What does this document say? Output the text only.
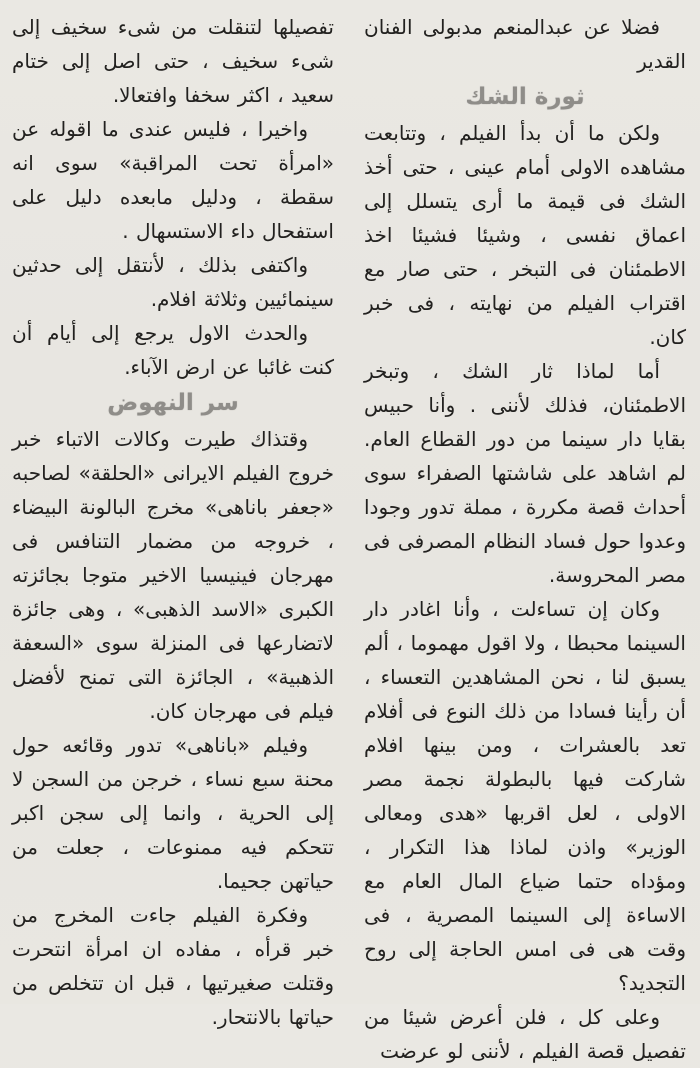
فضلا عن عبدالمنعم مدبولى الفنان القدير

ثورة الشك

ولكن ما أن بدأ الفيلم ، وتتابعت مشاهده الاولى أمام عينى ، حتى أخذ الشك فى قيمة ما أرى يتسلل إلى اعماق نفسى ، وشيئا فشيئا اخذ الاطمئنان فى التبخر ، حتى صار مع اقتراب الفيلم من نهايته ، فى خبر كان.

أما لماذا ثار الشك ، وتبخر الاطمئنان، فذلك لأننى . وأنا حبيس بقايا دار سينما من دور القطاع العام. لم اشاهد على شاشتها الصفراء سوى أحداث قصة مكررة ، مملة تدور وجودا وعدوا حول فساد النظام المصرفى فى مصر المحروسة.

وكان إن تساءلت ، وأنا اغادر دار السينما محبطا ، ولا اقول مهموما ، ألم يسبق لنا ، نحن المشاهدين التعساء ، أن رأينا فسادا من ذلك النوع فى أفلام تعد بالعشرات ، ومن بينها افلام شاركت فيها بالبطولة نجمة مصر الاولى ، لعل اقربها «هدى ومعالى الوزير» واذن لماذا هذا التكرار ، ومؤداه حتما ضياع المال العام مع الاساءة إلى السينما المصرية ، فى وقت هى فى امس الحاجة إلى روح التجديد؟

وعلى كل ، فلن أعرض شيئا من تفصيل قصة الفيلم ، لأننى لو عرضت

تفصيلها لتنقلت من شىء سخيف إلى شىء سخيف ، حتى اصل إلى ختام سعيد ، اكثر سخفا وافتعالا.

واخيرا ، فليس عندى ما اقوله عن «امرأة تحت المراقبة» سوى انه سقطة ، ودليل مابعده دليل على استفحال داء الاستسهال .

واكتفى بذلك ، لأنتقل إلى حدثين سينمائيين وثلاثة افلام.

والحدث الاول يرجع إلى أيام أن كنت غائبا عن ارض الآباء.

سر النهوض

وقتذاك طيرت وكالات الاتباء خبر خروج الفيلم الايرانى «الحلقة» لصاحبه «جعفر باناهى» مخرج البالونة البيضاء ، خروجه من مضمار التنافس فى مهرجان فينيسيا الاخير متوجا بجائزته الكبرى «الاسد الذهبى» ، وهى جائزة لاتضارعها فى المنزلة سوى «السعفة الذهبية» ، الجائزة التى تمنح لأفضل فيلم فى مهرجان كان.

وفيلم «باناهى» تدور وقائعه حول محنة سبع نساء ، خرجن من السجن لا إلى الحرية ، وانما إلى سجن اكبر تتحكم فيه ممنوعات ، جعلت من حياتهن جحيما.

وفكرة الفيلم جاءت المخرج من خبر قرأه ، مفاده ان امرأة انتحرت وقتلت صغيرتيها ، قبل ان تتخلص من حياتها بالانتحار.
